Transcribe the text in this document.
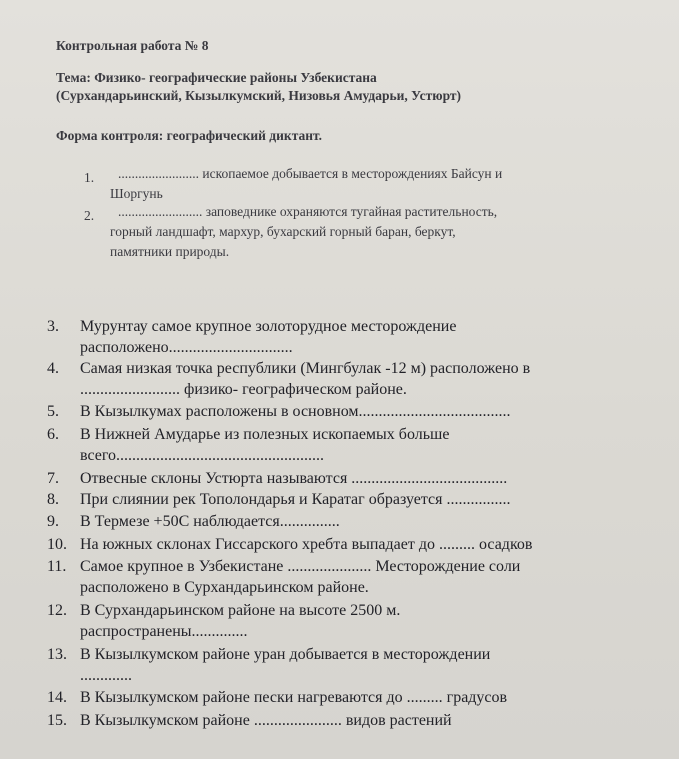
Контрольная работа № 8
Тема: Физико- географические районы Узбекистана
(Сурхандарьинский, Кызылкумский, Низовья Амударьи, Устюрт)
Форма контроля: географический диктант.
1. ........................ ископаемое добывается в месторождениях Байсун и
Шоргунь
2. ......................... заповеднике охраняются тугайная растительность,
горный ландшафт, мархур, бухарский горный баран, беркут,
памятники природы.
3. Мурунтау самое крупное золоторудное месторождение
расположено...............................
4. Самая низкая точка республики (Мингбулак -12 м) расположено в
......................... физико- географическом районе.
5. В Кызылкумах расположены в основном......................................
6. В Нижней Амударье из полезных ископаемых больше
всего....................................................
7. Отвесные склоны Устюрта называются .......................................
8. При слиянии рек Тополондарья и Каратаг образуется ................
9. В Термезе +50С наблюдается...............
10. На южных склонах Гиссарского хребта выпадает до ......... осадков
11. Самое крупное в Узбекистане ..................... Месторождение соли
расположено в Сурхандарьинском районе.
12. В Сурхандарьинском районе на высоте 2500 м.
распространены..............
13. В Кызылкумском районе уран добывается в месторождении
.............
14. В Кызылкумском районе пески нагреваются до ......... градусов
15. В Кызылкумском районе ...................... видов растений
